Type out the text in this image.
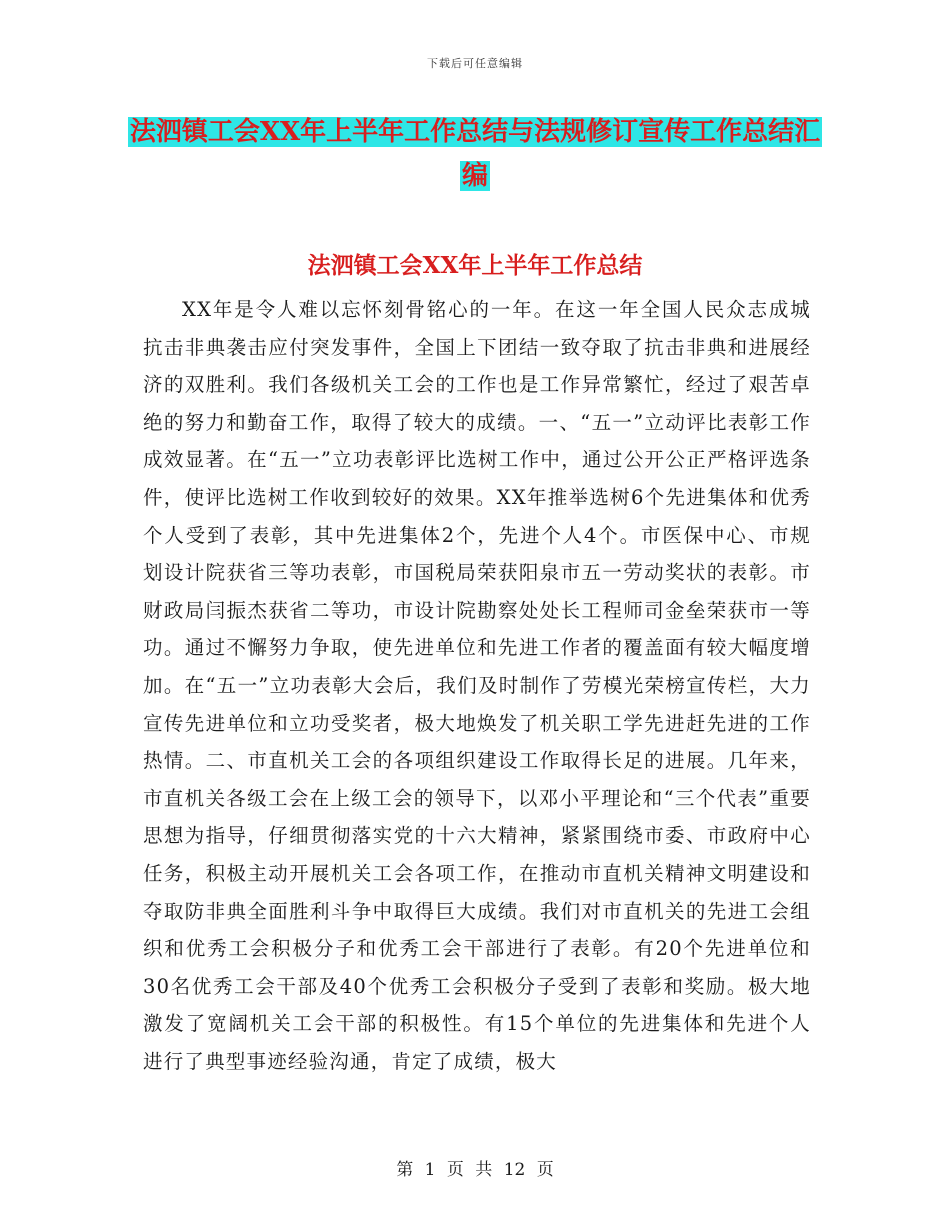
下载后可任意编辑
法泗镇工会XX年上半年工作总结与法规修订宣传工作总结汇编
法泗镇工会XX年上半年工作总结
XX年是令人难以忘怀刻骨铭心的一年。在这一年全国人民众志成城抗击非典袭击应付突发事件，全国上下团结一致夺取了抗击非典和进展经济的双胜利。我们各级机关工会的工作也是工作异常繁忙，经过了艰苦卓绝的努力和勤奋工作，取得了较大的成绩。一、“五一”立动评比表彰工作成效显著。在“五一”立功表彰评比选树工作中，通过公开公正严格评选条件，使评比选树工作收到较好的效果。XX年推举选树6个先进集体和优秀个人受到了表彰，其中先进集体2个，先进个人4个。市医保中心、市规划设计院获省三等功表彰，市国税局荣获阳泉市五一劳动奖状的表彰。市财政局闫振杰获省二等功，市设计院勘察处处长工程师司金垒荣获市一等功。通过不懈努力争取，使先进单位和先进工作者的覆盖面有较大幅度增加。在“五一”立功表彰大会后，我们及时制作了劳模光荣榜宣传栏，大力宣传先进单位和立功受奖者，极大地焕发了机关职工学先进赶先进的工作热情。二、市直机关工会的各项组织建设工作取得长足的进展。几年来，市直机关各级工会在上级工会的领导下，以邓小平理论和“三个代表”重要思想为指导，仔细贯彻落实党的十六大精神，紧紧围绕市委、市政府中心任务，积极主动开展机关工会各项工作，在推动市直机关精神文明建设和夺取防非典全面胜利斗争中取得巨大成绩。我们对市直机关的先进工会组织和优秀工会积极分子和优秀工会干部进行了表彰。有20个先进单位和30名优秀工会干部及40个优秀工会积极分子受到了表彰和奖励。极大地激发了宽阔机关工会干部的积极性。有15个单位的先进集体和先进个人进行了典型事迹经验沟通，肯定了成绩，极大
第 1 页 共 12 页
